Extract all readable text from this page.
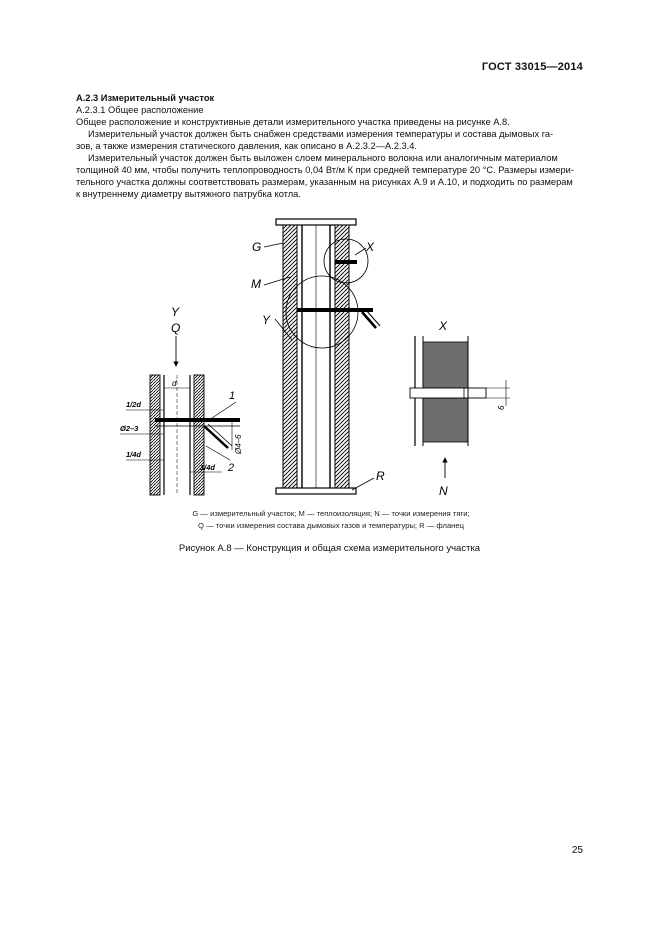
ГОСТ 33015—2014
А.2.3 Измерительный участок
А.2.3.1 Общее расположение
Общее расположение и конструктивные детали измерительного участка приведены на рисунке А.8.
Измерительный участок должен быть снабжен средствами измерения температуры и состава дымовых га-
зов, а также измерения статического давления, как описано в А.2.3.2—А.2.3.4.
Измерительный участок должен быть выложен слоем минерального волокна или аналогичным материалом
толщиной 40 мм, чтобы получить теплопроводность 0,04 Вт/м К при средней температуре 20 °С. Размеры измери-
тельного участка должны соответствовать размерам, указанным на рисунках А.9 и А.10, и подходить по размерам
к внутреннему диаметру вытяжного патрубка котла.
G
M
Y
X
R
Y
Q
d
Ø4–6
1
2
1/2d
Ø2–3
1/4d
1/4d
X
6
N
G — измерительный участок; M — теплоизоляция; N — точки измерения тяги;
Q — точки измерения состава дымовых газов и температуры; R — фланец
Рисунок А.8 — Конструкция и общая схема измерительного участка
25
